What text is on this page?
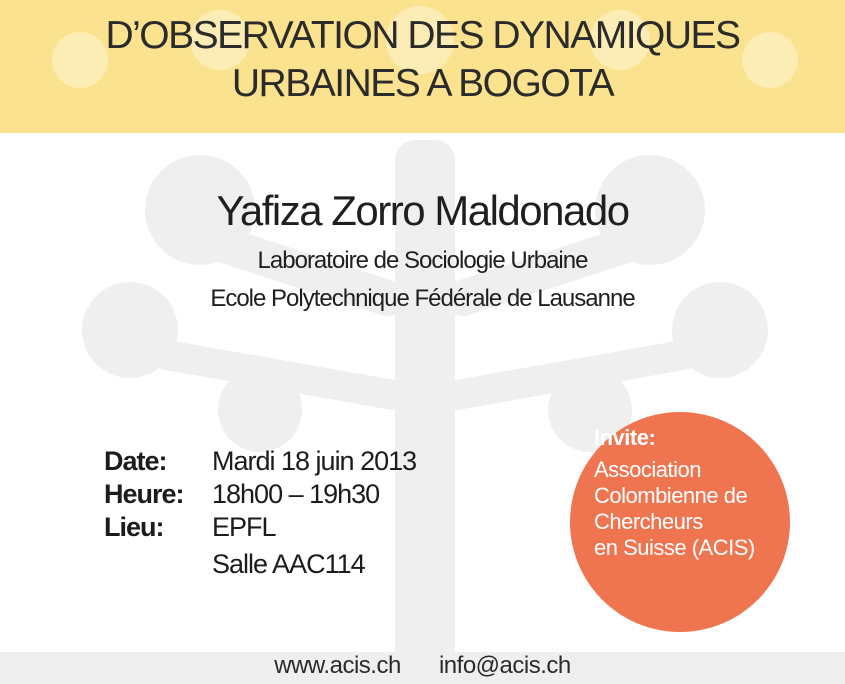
D’OBSERVATION DES DYNAMIQUES
URBAINES A BOGOTA
Yafiza Zorro Maldonado
Laboratoire de Sociologie Urbaine
Ecole Polytechnique Fédérale de Lausanne
Date: Mardi 18 juin 2013
Heure: 18h00 – 19h30
Lieu: EPFL
Salle AAC114
Invite:
Association
Colombienne de
Chercheurs
en Suisse (ACIS)
www.acis.ch info@acis.ch
